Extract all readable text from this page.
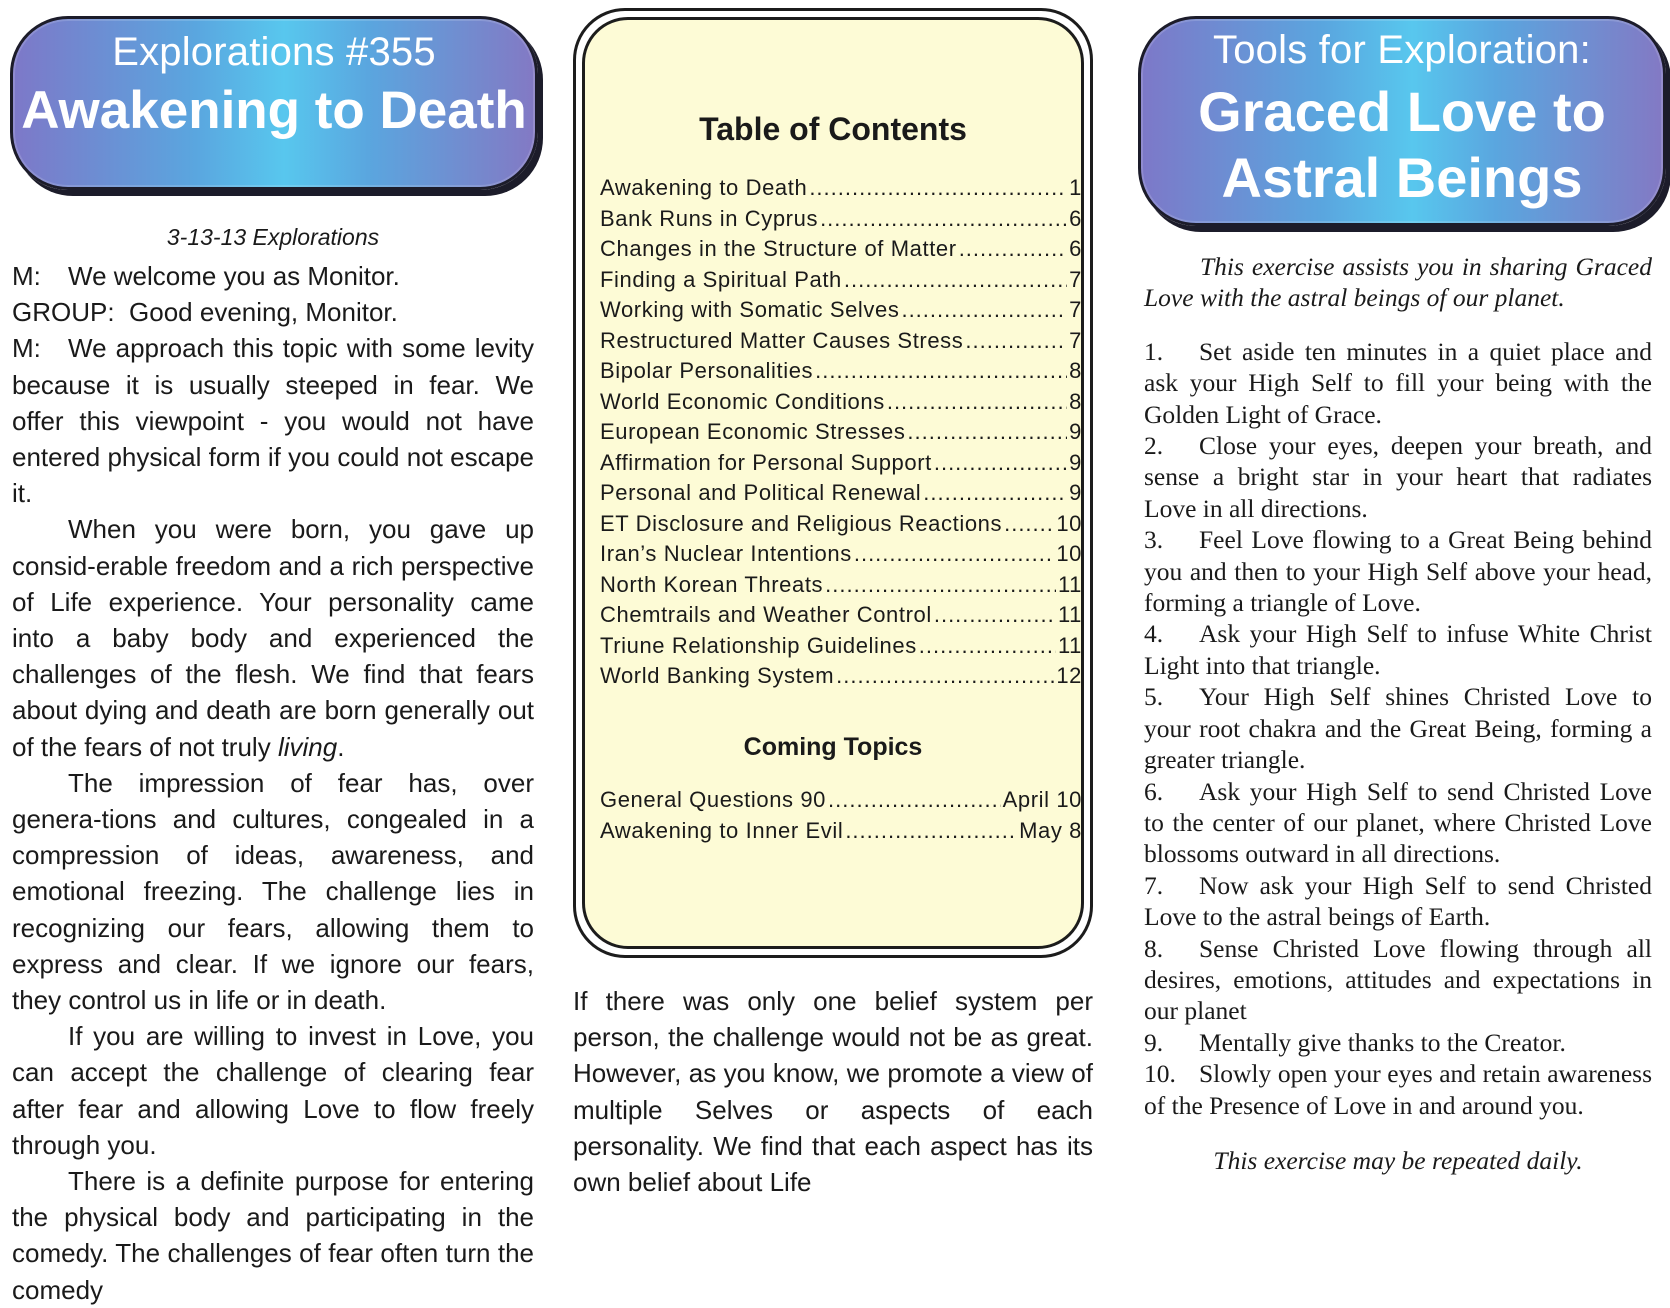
Explorations #355
Awakening to Death
3-13-13 Explorations

M: We welcome you as Monitor.

GROUP: Good evening, Monitor.

M: We approach this topic with some levity because it is usually steeped in fear. We offer this viewpoint - you would not have entered physical form if you could not escape it.

When you were born, you gave up consid-erable freedom and a rich perspective of Life experience. Your personality came into a baby body and experienced the challenges of the flesh. We find that fears about dying and death are born generally out of the fears of not truly living.

The impression of fear has, over genera-tions and cultures, congealed in a compression of ideas, awareness, and emotional freezing. The challenge lies in recognizing our fears, allowing them to express and clear. If we ignore our fears, they control us in life or in death.

If you are willing to invest in Love, you can accept the challenge of clearing fear after fear and allowing Love to flow freely through you.

There is a definite purpose for entering the physical body and participating in the comedy. The challenges of fear often turn the comedy

Table of Contents
Awakening to Death .....	1
Bank Runs in Cyprus .....	6
Changes in the Structure of Matter .....	6
Finding a Spiritual Path .....	7
Working with Somatic Selves .....	7
Restructured Matter Causes Stress .....	7
Bipolar Personalities .....	8
World Economic Conditions .....	8
European Economic Stresses .....	9
Affirmation for Personal Support .....	9
Personal and Political Renewal .....	9
ET Disclosure and Religious Reactions ..... 10
Iran’s Nuclear Intentions .....	10
North Korean Threats .....	11
Chemtrails and Weather Control .....	11
Triune Relationship Guidelines .....	11
World Banking System .....	12
Coming Topics
General Questions 90 .....	April 10
Awakening to Inner Evil .....	May 8

If there was only one belief system per person, the challenge would not be as great. However, as you know, we promote a view of multiple Selves or aspects of each personality. We find that each aspect has its own belief about Life

Tools for Exploration:
Graced Love to
Astral Beings

This exercise assists you in sharing Graced Love with the astral beings of our planet.

1. Set aside ten minutes in a quiet place and ask your High Self to fill your being with the Golden Light of Grace.

2. Close your eyes, deepen your breath, and sense a bright star in your heart that radiates Love in all directions.

3. Feel Love flowing to a Great Being behind you and then to your High Self above your head, forming a triangle of Love.

4. Ask your High Self to infuse White Christ Light into that triangle.

5. Your High Self shines Christed Love to your root chakra and the Great Being, forming a greater triangle.

6. Ask your High Self to send Christed Love to the center of our planet, where Christed Love blossoms outward in all directions.

7. Now ask your High Self to send Christed Love to the astral beings of Earth.

8. Sense Christed Love flowing through all desires, emotions, attitudes and expectations in our planet

9. Mentally give thanks to the Creator.

10. Slowly open your eyes and retain awareness of the Presence of Love in and around you.

This exercise may be repeated daily.
